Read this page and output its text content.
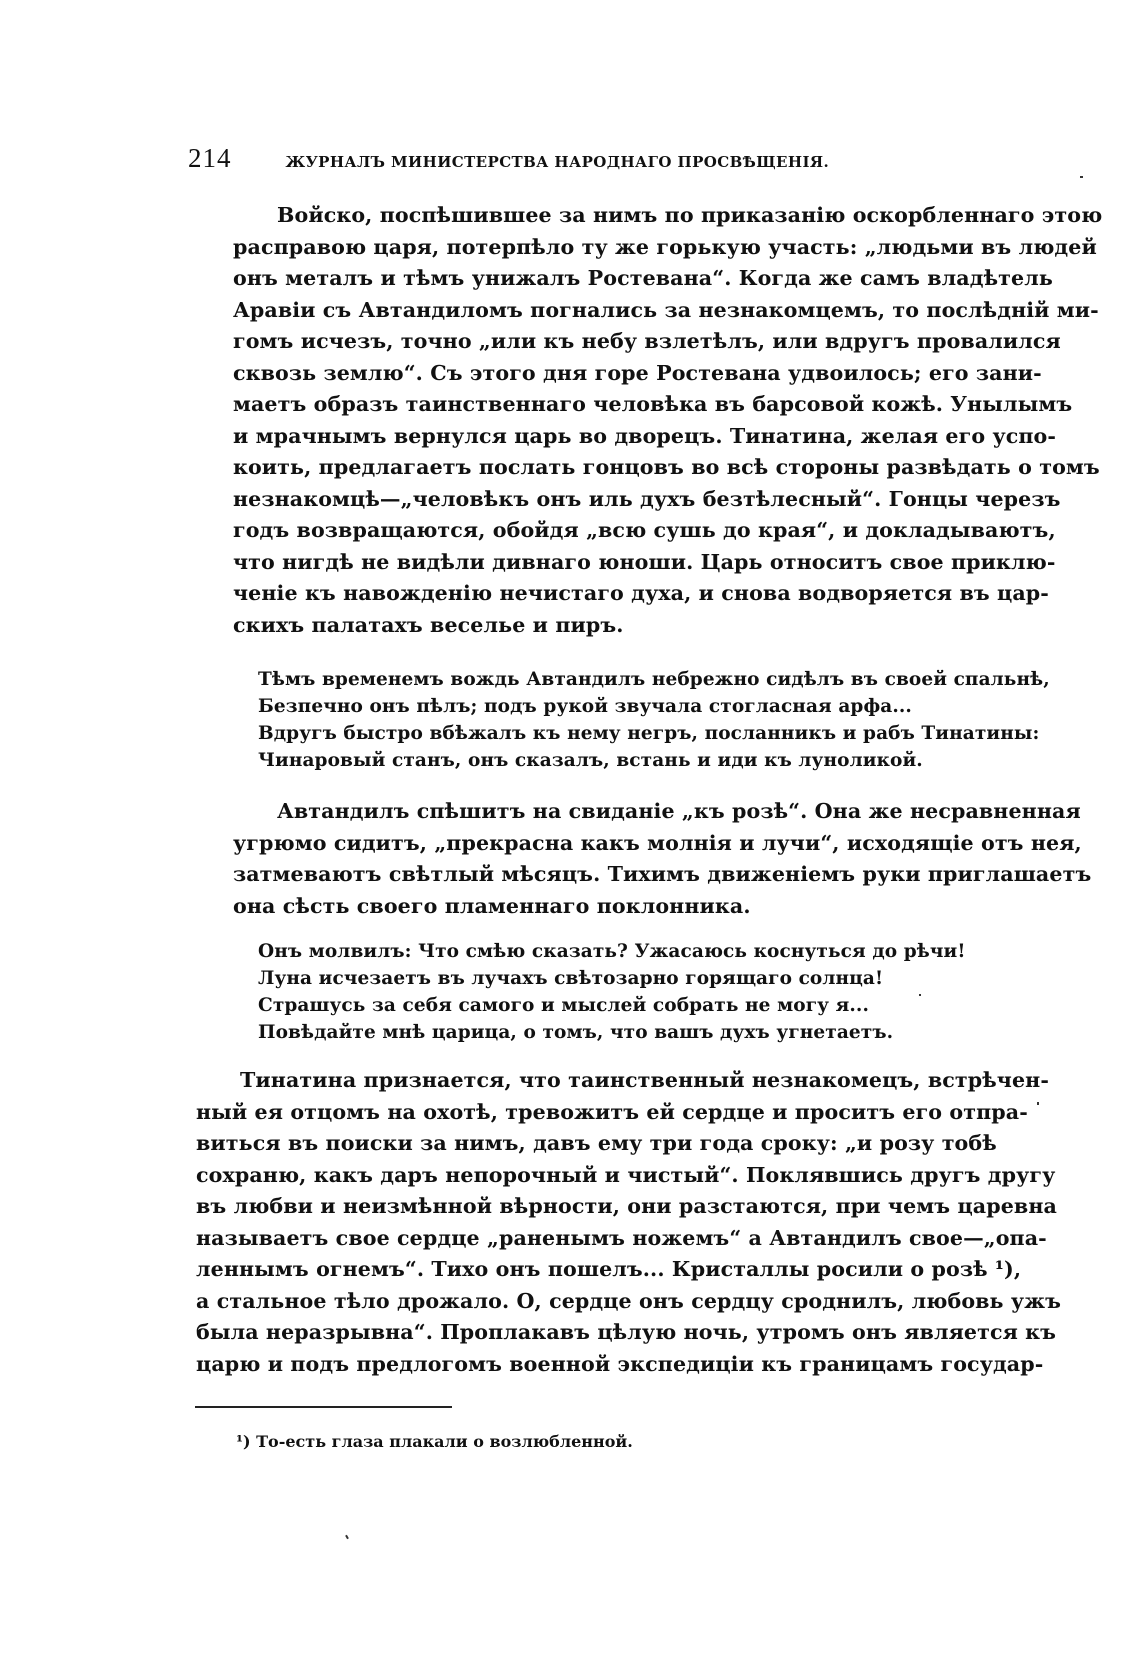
214	ЖУРНАЛЪ МИНИСТЕРСТВА НАРОДНАГО ПРОСВѢЩЕНІЯ.
Войско, поспѣшившее за нимъ по приказанію оскорбленнаго этою
расправою царя, потерпѣло ту же горькую участь: „людьми въ людей
онъ металъ и тѣмъ унижалъ Ростевана“. Когда же самъ владѣтель
Аравіи съ Автандиломъ погнались за незнакомцемъ, то послѣдній ми-
гомъ исчезъ, точно „или къ небу взлетѣлъ, или вдругъ провалился
сквозь землю“. Съ этого дня горе Ростевана удвоилось; его зани-
маетъ образъ таинственнаго человѣка въ барсовой кожѣ. Унылымъ
и мрачнымъ вернулся царь во дворецъ. Тинатина, желая его успо-
коить, предлагаетъ послать гонцовъ во всѣ стороны развѣдать о томъ
незнакомцѣ—„человѣкъ онъ иль духъ безтѣлесный“. Гонцы черезъ
годъ возвращаются, обойдя „всю сушь до края“, и докладываютъ,
что нигдѣ не видѣли дивнаго юноши. Царь относитъ свое приклю-
ченіе къ навожденію нечистаго духа, и снова водворяется въ цар-
скихъ палатахъ веселье и пиръ.
Тѣмъ временемъ вождь Автандилъ небрежно сидѣлъ въ своей спальнѣ,
Безпечно онъ пѣлъ; подъ рукой звучала стогласная арфа...
Вдругъ быстро вбѣжалъ къ нему негръ, посланникъ и рабъ Тинатины:
Чинаровый станъ, онъ сказалъ, встань и иди къ луноликой.
Автандилъ спѣшитъ на свиданіе „къ розѣ“. Она же несравненная
угрюмо сидитъ, „прекрасна какъ молнія и лучи“, исходящіе отъ нея,
затмеваютъ свѣтлый мѣсяцъ. Тихимъ движеніемъ руки приглашаетъ
она сѣсть своего пламеннаго поклонника.
Онъ молвилъ: Что смѣю сказать? Ужасаюсь коснуться до рѣчи!
Луна исчезаетъ въ лучахъ свѣтозарно горящаго солнца!
Страшусь за себя самого и мыслей собрать не могу я...
Повѣдайте мнѣ царица, о томъ, что вашъ духъ угнетаетъ.
Тинатина признается, что таинственный незнакомецъ, встрѣчен-
ный ея отцомъ на охотѣ, тревожитъ ей сердце и проситъ его отпра-
виться въ поиски за нимъ, давъ ему три года сроку: „и розу тобѣ
сохраню, какъ даръ непорочный и чистый“. Поклявшись другъ другу
въ любви и неизмѣнной вѣрности, они разстаются, при чемъ царевна
называетъ свое сердце „раненымъ ножемъ“ а Автандилъ свое—„опа-
леннымъ огнемъ“. Тихо онъ пошелъ... Кристаллы росили о розѣ ¹),
а стальное тѣло дрожало. О, сердце онъ сердцу сроднилъ, любовь ужъ
была неразрывна“. Проплакавъ цѣлую ночь, утромъ онъ является къ
царю и подъ предлогомъ военной экспедиціи къ границамъ государ-
¹) То-есть глаза плакали о возлюбленной.
